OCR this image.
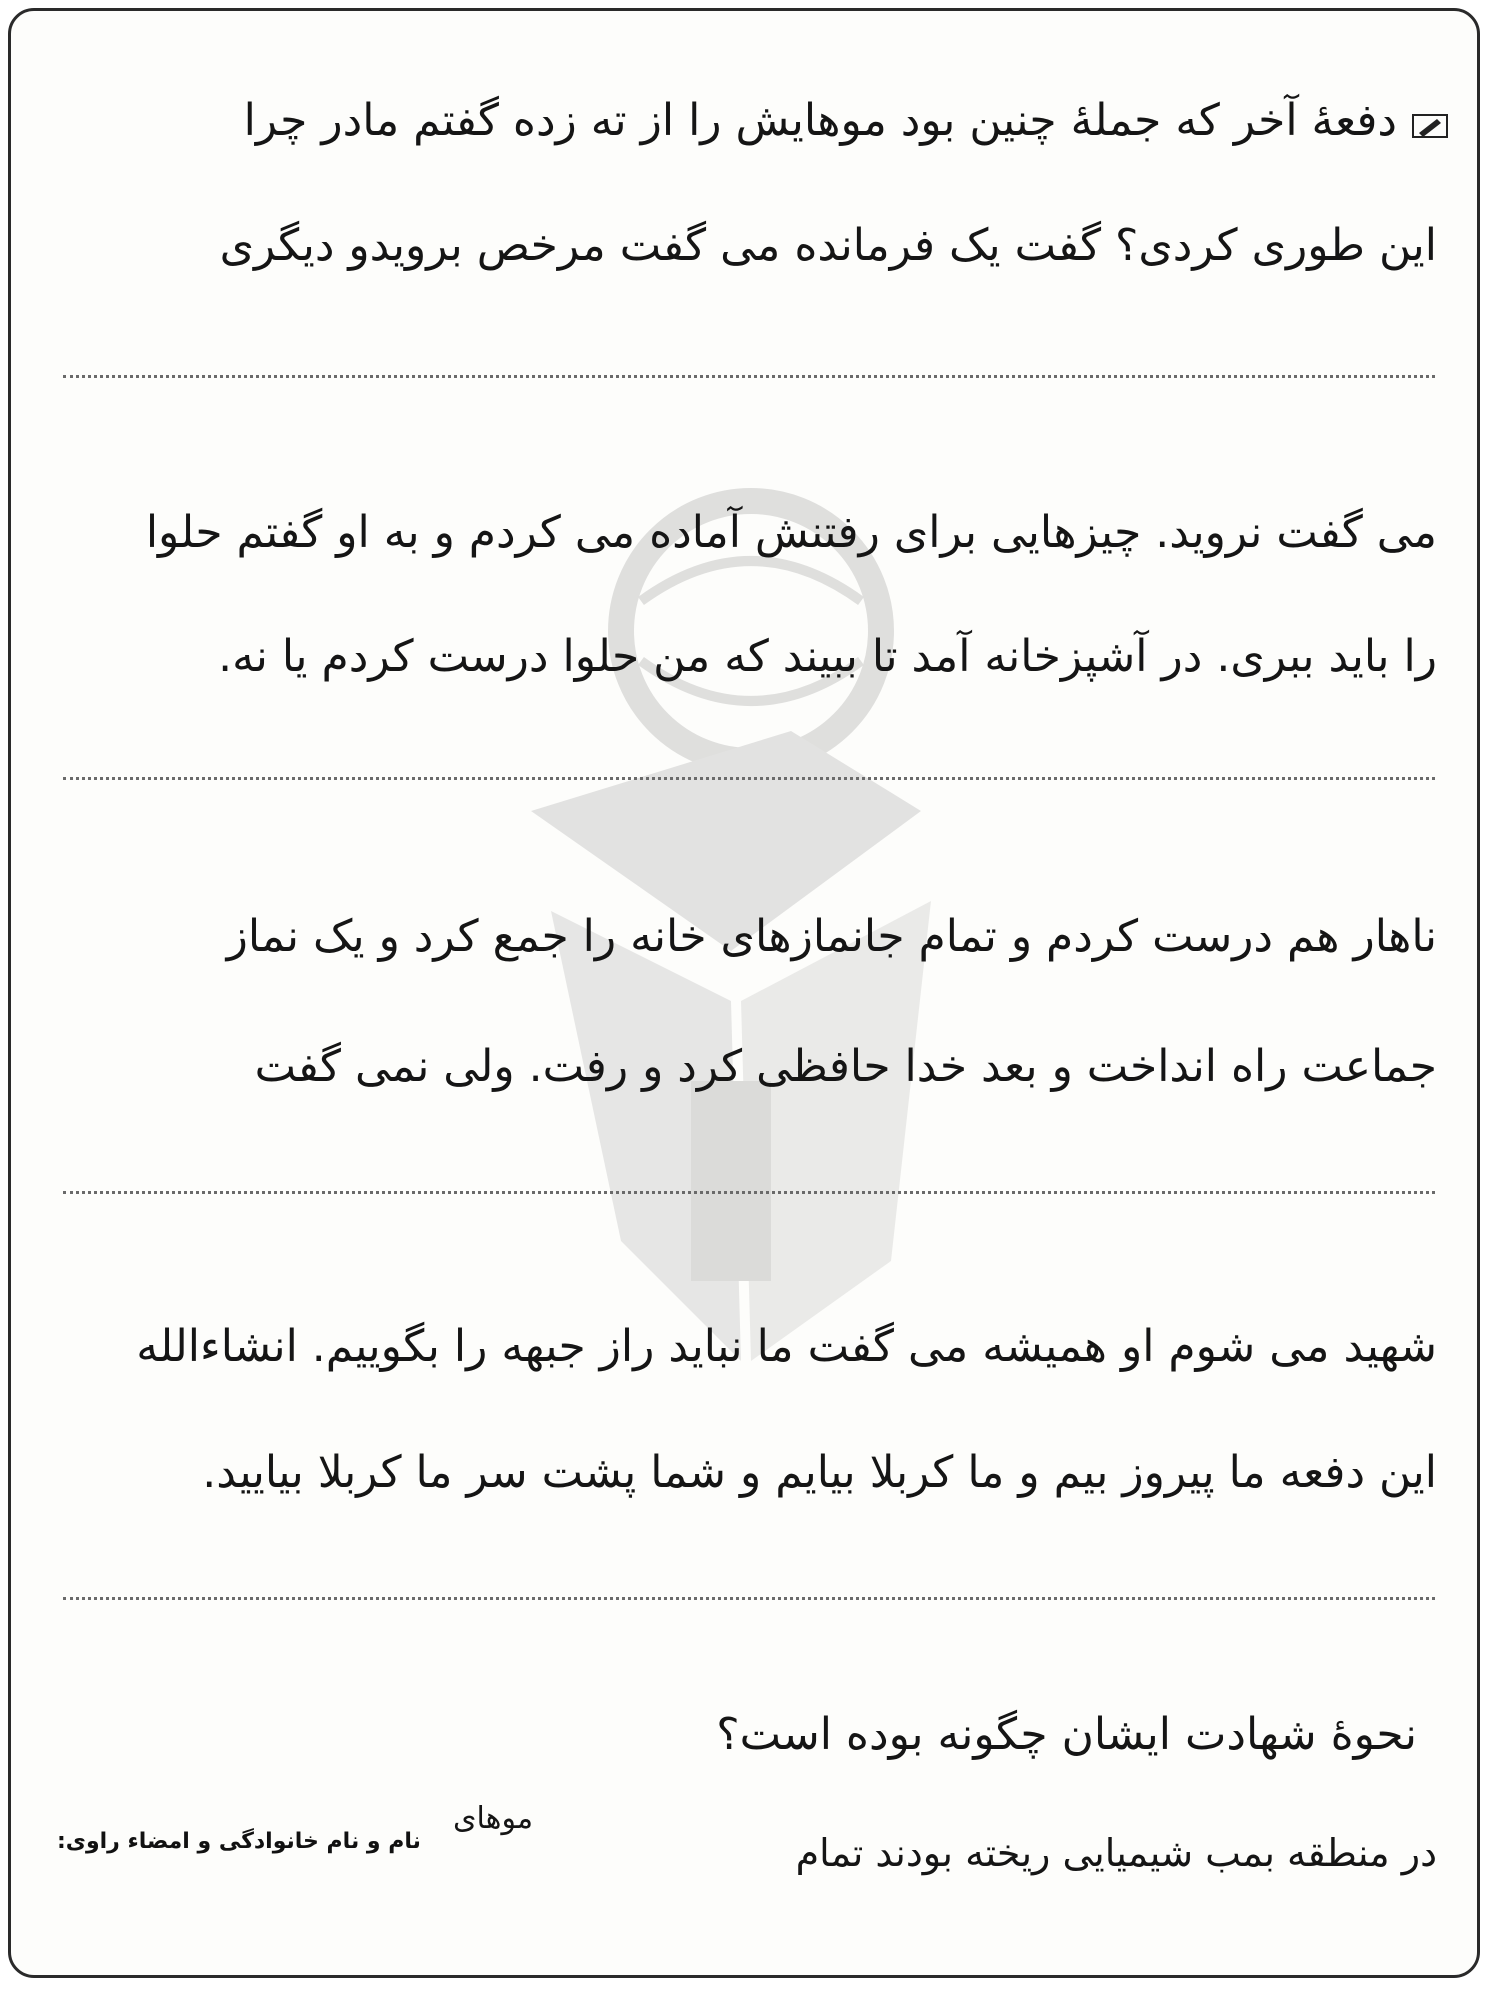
دفعهٔ آخر که جملهٔ چنین بود موهایش را از ته زده گفتم مادر چرا
این طوری کردی؟ گفت یک فرمانده می گفت مرخص برویدو دیگری
می گفت نروید. چیزهایی برای رفتنش آماده می کردم و به او گفتم حلوا
را باید ببری. در آشپزخانه آمد تا ببیند که من حلوا درست کردم یا نه.
ناهار هم درست کردم و تمام جانمازهای خانه را جمع کرد و یک نماز
جماعت راه انداخت و بعد خدا حافظی کرد و رفت. ولی نمی گفت
شهید می شوم او همیشه می گفت ما نباید راز جبهه را بگوییم. انشاءالله
این دفعه ما پیروز بیم و ما کربلا بیایم و شما پشت سر ما کربلا بیایید.
نحوهٔ شهادت ایشان چگونه بوده است؟
در منطقه بمب شیمیایی ریخته بودند تمام
موهای
نام و نام خانوادگی و امضاء راوی:
